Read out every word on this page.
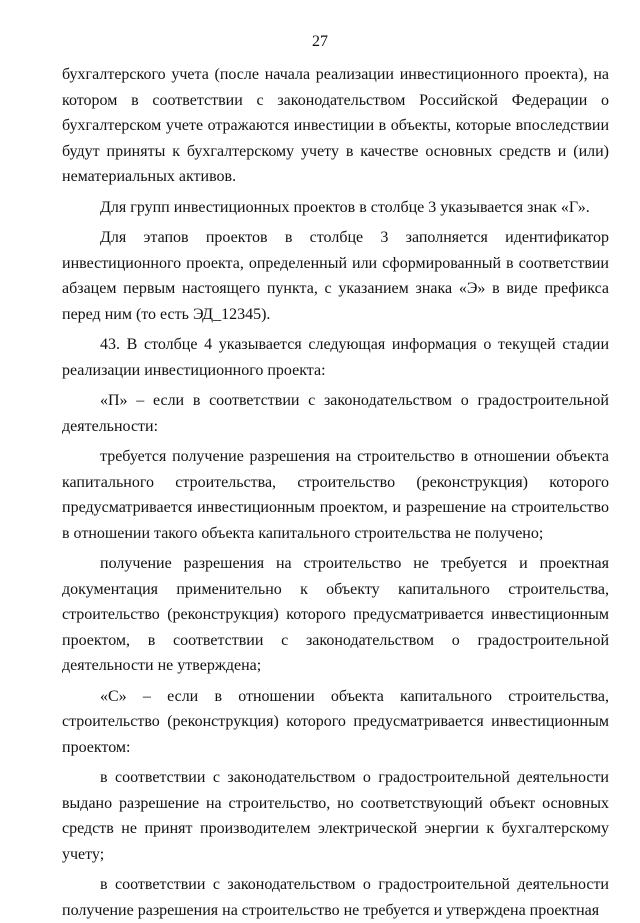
27

бухгалтерского учета (после начала реализации инвестиционного проекта), на котором в соответствии с законодательством Российской Федерации о бухгалтерском учете отражаются инвестиции в объекты, которые впоследствии будут приняты к бухгалтерскому учету в качестве основных средств и (или) нематериальных активов.

Для групп инвестиционных проектов в столбце 3 указывается знак «Г».

Для этапов проектов в столбце 3 заполняется идентификатор инвестиционного проекта, определенный или сформированный в соответствии абзацем первым настоящего пункта, с указанием знака «Э» в виде префикса перед ним (то есть ЭД_12345).

43. В столбце 4 указывается следующая информация о текущей стадии реализации инвестиционного проекта:

«П» – если в соответствии с законодательством о градостроительной деятельности:

требуется получение разрешения на строительство в отношении объекта капитального строительства, строительство (реконструкция) которого предусматривается инвестиционным проектом, и разрешение на строительство в отношении такого объекта капитального строительства не получено;

получение разрешения на строительство не требуется и проектная документация применительно к объекту капитального строительства, строительство (реконструкция) которого предусматривается инвестиционным проектом, в соответствии с законодательством о градостроительной деятельности не утверждена;

«С» – если в отношении объекта капитального строительства, строительство (реконструкция) которого предусматривается инвестиционным проектом:

в соответствии с законодательством о градостроительной деятельности выдано разрешение на строительство, но соответствующий объект основных средств не принят производителем электрической энергии к бухгалтерскому учету;

в соответствии с законодательством о градостроительной деятельности получение разрешения на строительство не требуется и утверждена проектная
